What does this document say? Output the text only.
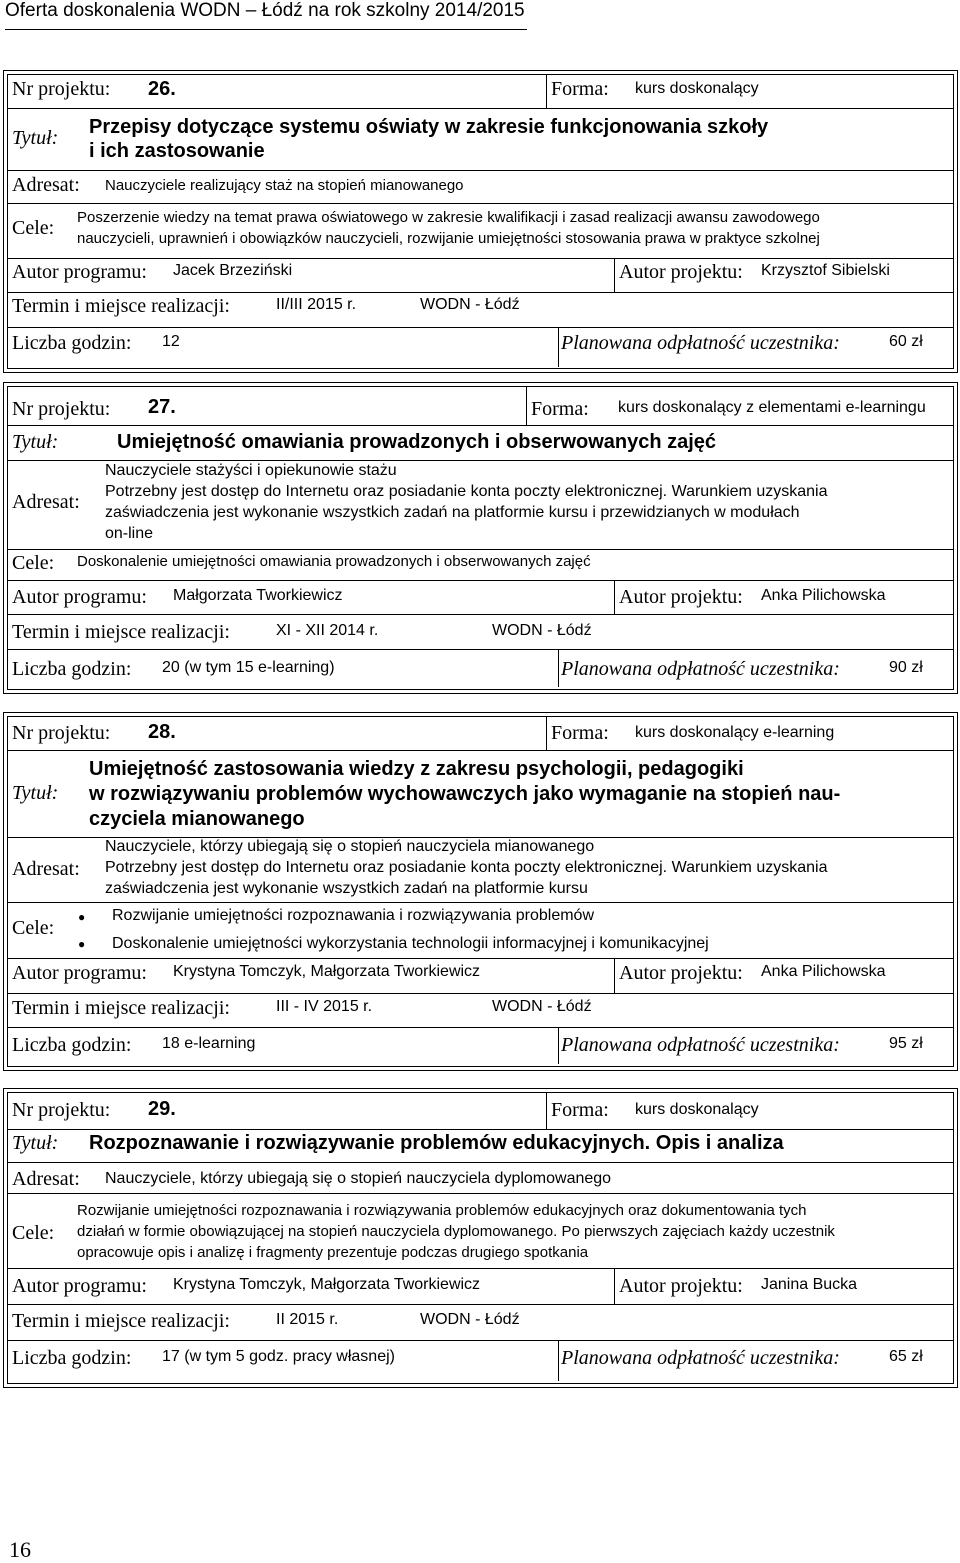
Oferta doskonalenia WODN – Łódź na rok szkolny 2014/2015
Nr projektu: 26.	Forma: kurs doskonalący
Tytuł: Przepisy dotyczące systemu oświaty w zakresie funkcjonowania szkoły
i ich zastosowanie
Adresat: Nauczyciele realizujący staż na stopień mianowanego
Cele: Poszerzenie wiedzy na temat prawa oświatowego w zakresie kwalifikacji i zasad realizacji awansu zawodowego
nauczycieli, uprawnień i obowiązków nauczycieli, rozwijanie umiejętności stosowania prawa w praktyce szkolnej
Autor programu: Jacek Brzeziński	Autor projektu: Krzysztof Sibielski
Termin i miejsce realizacji:	II/III 2015 r.	WODN - Łódź
Liczba godzin: 12	Planowana odpłatność uczestnika:	60 zł
Nr projektu: 27.	Forma: kurs doskonalący z elementami e-learningu
Tytuł:	Umiejętność omawiania prowadzonych i obserwowanych zajęć
Adresat:
Nauczyciele stażyści i opiekunowie stażu
Potrzebny jest dostęp do Internetu oraz posiadanie konta poczty elektronicznej. Warunkiem uzyskania
zaświadczenia jest wykonanie wszystkich zadań na platformie kursu i przewidzianych w modułach
on-line
Cele: Doskonalenie umiejętności omawiania prowadzonych i obserwowanych zajęć
Autor programu: Małgorzata Tworkiewicz	Autor projektu: Anka Pilichowska
Termin i miejsce realizacji:	XI - XII 2014 r.	WODN - Łódź
Liczba godzin: 20 (w tym 15 e-learning)	Planowana odpłatność uczestnika:	90 zł
Nr projektu: 28.	Forma: kurs doskonalący e-learning
Tytuł:
Umiejętność zastosowania wiedzy z zakresu psychologii, pedagogiki
w rozwiązywaniu problemów wychowawczych jako wymaganie na stopień nau-
czyciela mianowanego
Adresat:
Nauczyciele, którzy ubiegają się o stopień nauczyciela mianowanego
Potrzebny jest dostęp do Internetu oraz posiadanie konta poczty elektronicznej. Warunkiem uzyskania
zaświadczenia jest wykonanie wszystkich zadań na platformie kursu
Cele: ● Rozwijanie umiejętności rozpoznawania i rozwiązywania problemów
● Doskonalenie umiejętności wykorzystania technologii informacyjnej i komunikacyjnej
Autor programu: Krystyna Tomczyk, Małgorzata Tworkiewicz	Autor projektu: Anka Pilichowska
Termin i miejsce realizacji:	III - IV 2015 r.	WODN - Łódź
Liczba godzin: 18 e-learning	Planowana odpłatność uczestnika:	95 zł
Nr projektu: 29.	Forma: kurs doskonalący
Tytuł: Rozpoznawanie i rozwiązywanie problemów edukacyjnych. Opis i analiza
Adresat: Nauczyciele, którzy ubiegają się o stopień nauczyciela dyplomowanego
Cele:
Rozwijanie umiejętności rozpoznawania i rozwiązywania problemów edukacyjnych oraz dokumentowania tych
działań w formie obowiązującej na stopień nauczyciela dyplomowanego. Po pierwszych zajęciach każdy uczestnik
opracowuje opis i analizę i fragmenty prezentuje podczas drugiego spotkania
Autor programu: Krystyna Tomczyk, Małgorzata Tworkiewicz	Autor projektu: Janina Bucka
Termin i miejsce realizacji:	II 2015 r.	WODN - Łódź
Liczba godzin: 17 (w tym 5 godz. pracy własnej)	Planowana odpłatność uczestnika:	65 zł
16
